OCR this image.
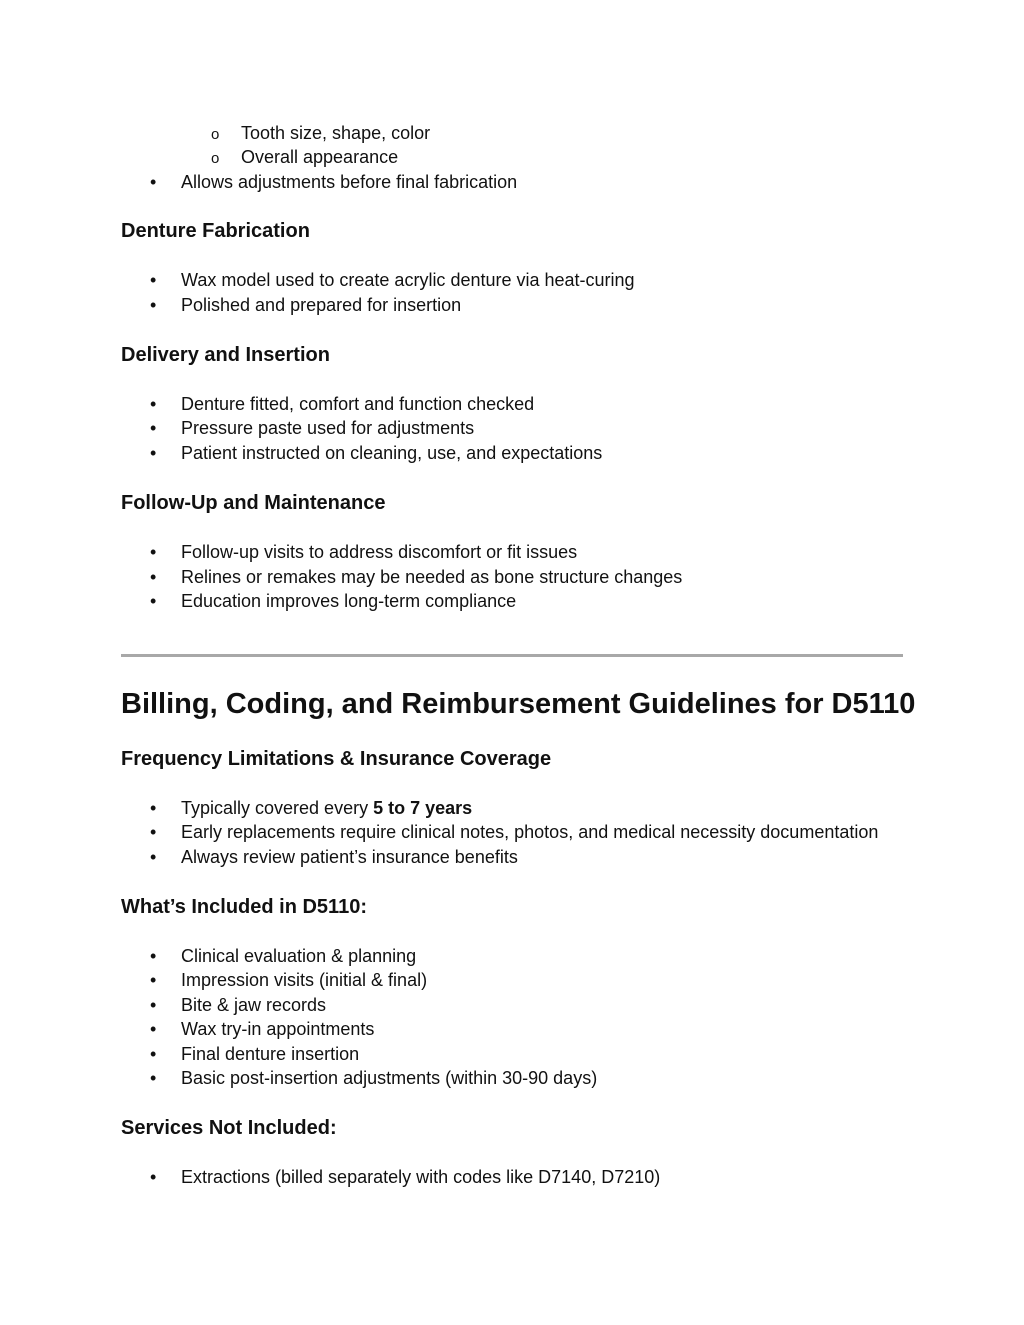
o Tooth size, shape, color
o Overall appearance
• Allows adjustments before final fabrication
Denture Fabrication
• Wax model used to create acrylic denture via heat-curing
• Polished and prepared for insertion
Delivery and Insertion
• Denture fitted, comfort and function checked
• Pressure paste used for adjustments
• Patient instructed on cleaning, use, and expectations
Follow-Up and Maintenance
• Follow-up visits to address discomfort or fit issues
• Relines or remakes may be needed as bone structure changes
• Education improves long-term compliance
Billing, Coding, and Reimbursement Guidelines for D5110
Frequency Limitations & Insurance Coverage
• Typically covered every 5 to 7 years
• Early replacements require clinical notes, photos, and medical necessity documentation
• Always review patient’s insurance benefits
What’s Included in D5110:
• Clinical evaluation & planning
• Impression visits (initial & final)
• Bite & jaw records
• Wax try-in appointments
• Final denture insertion
• Basic post-insertion adjustments (within 30-90 days)
Services Not Included:
• Extractions (billed separately with codes like D7140, D7210)
